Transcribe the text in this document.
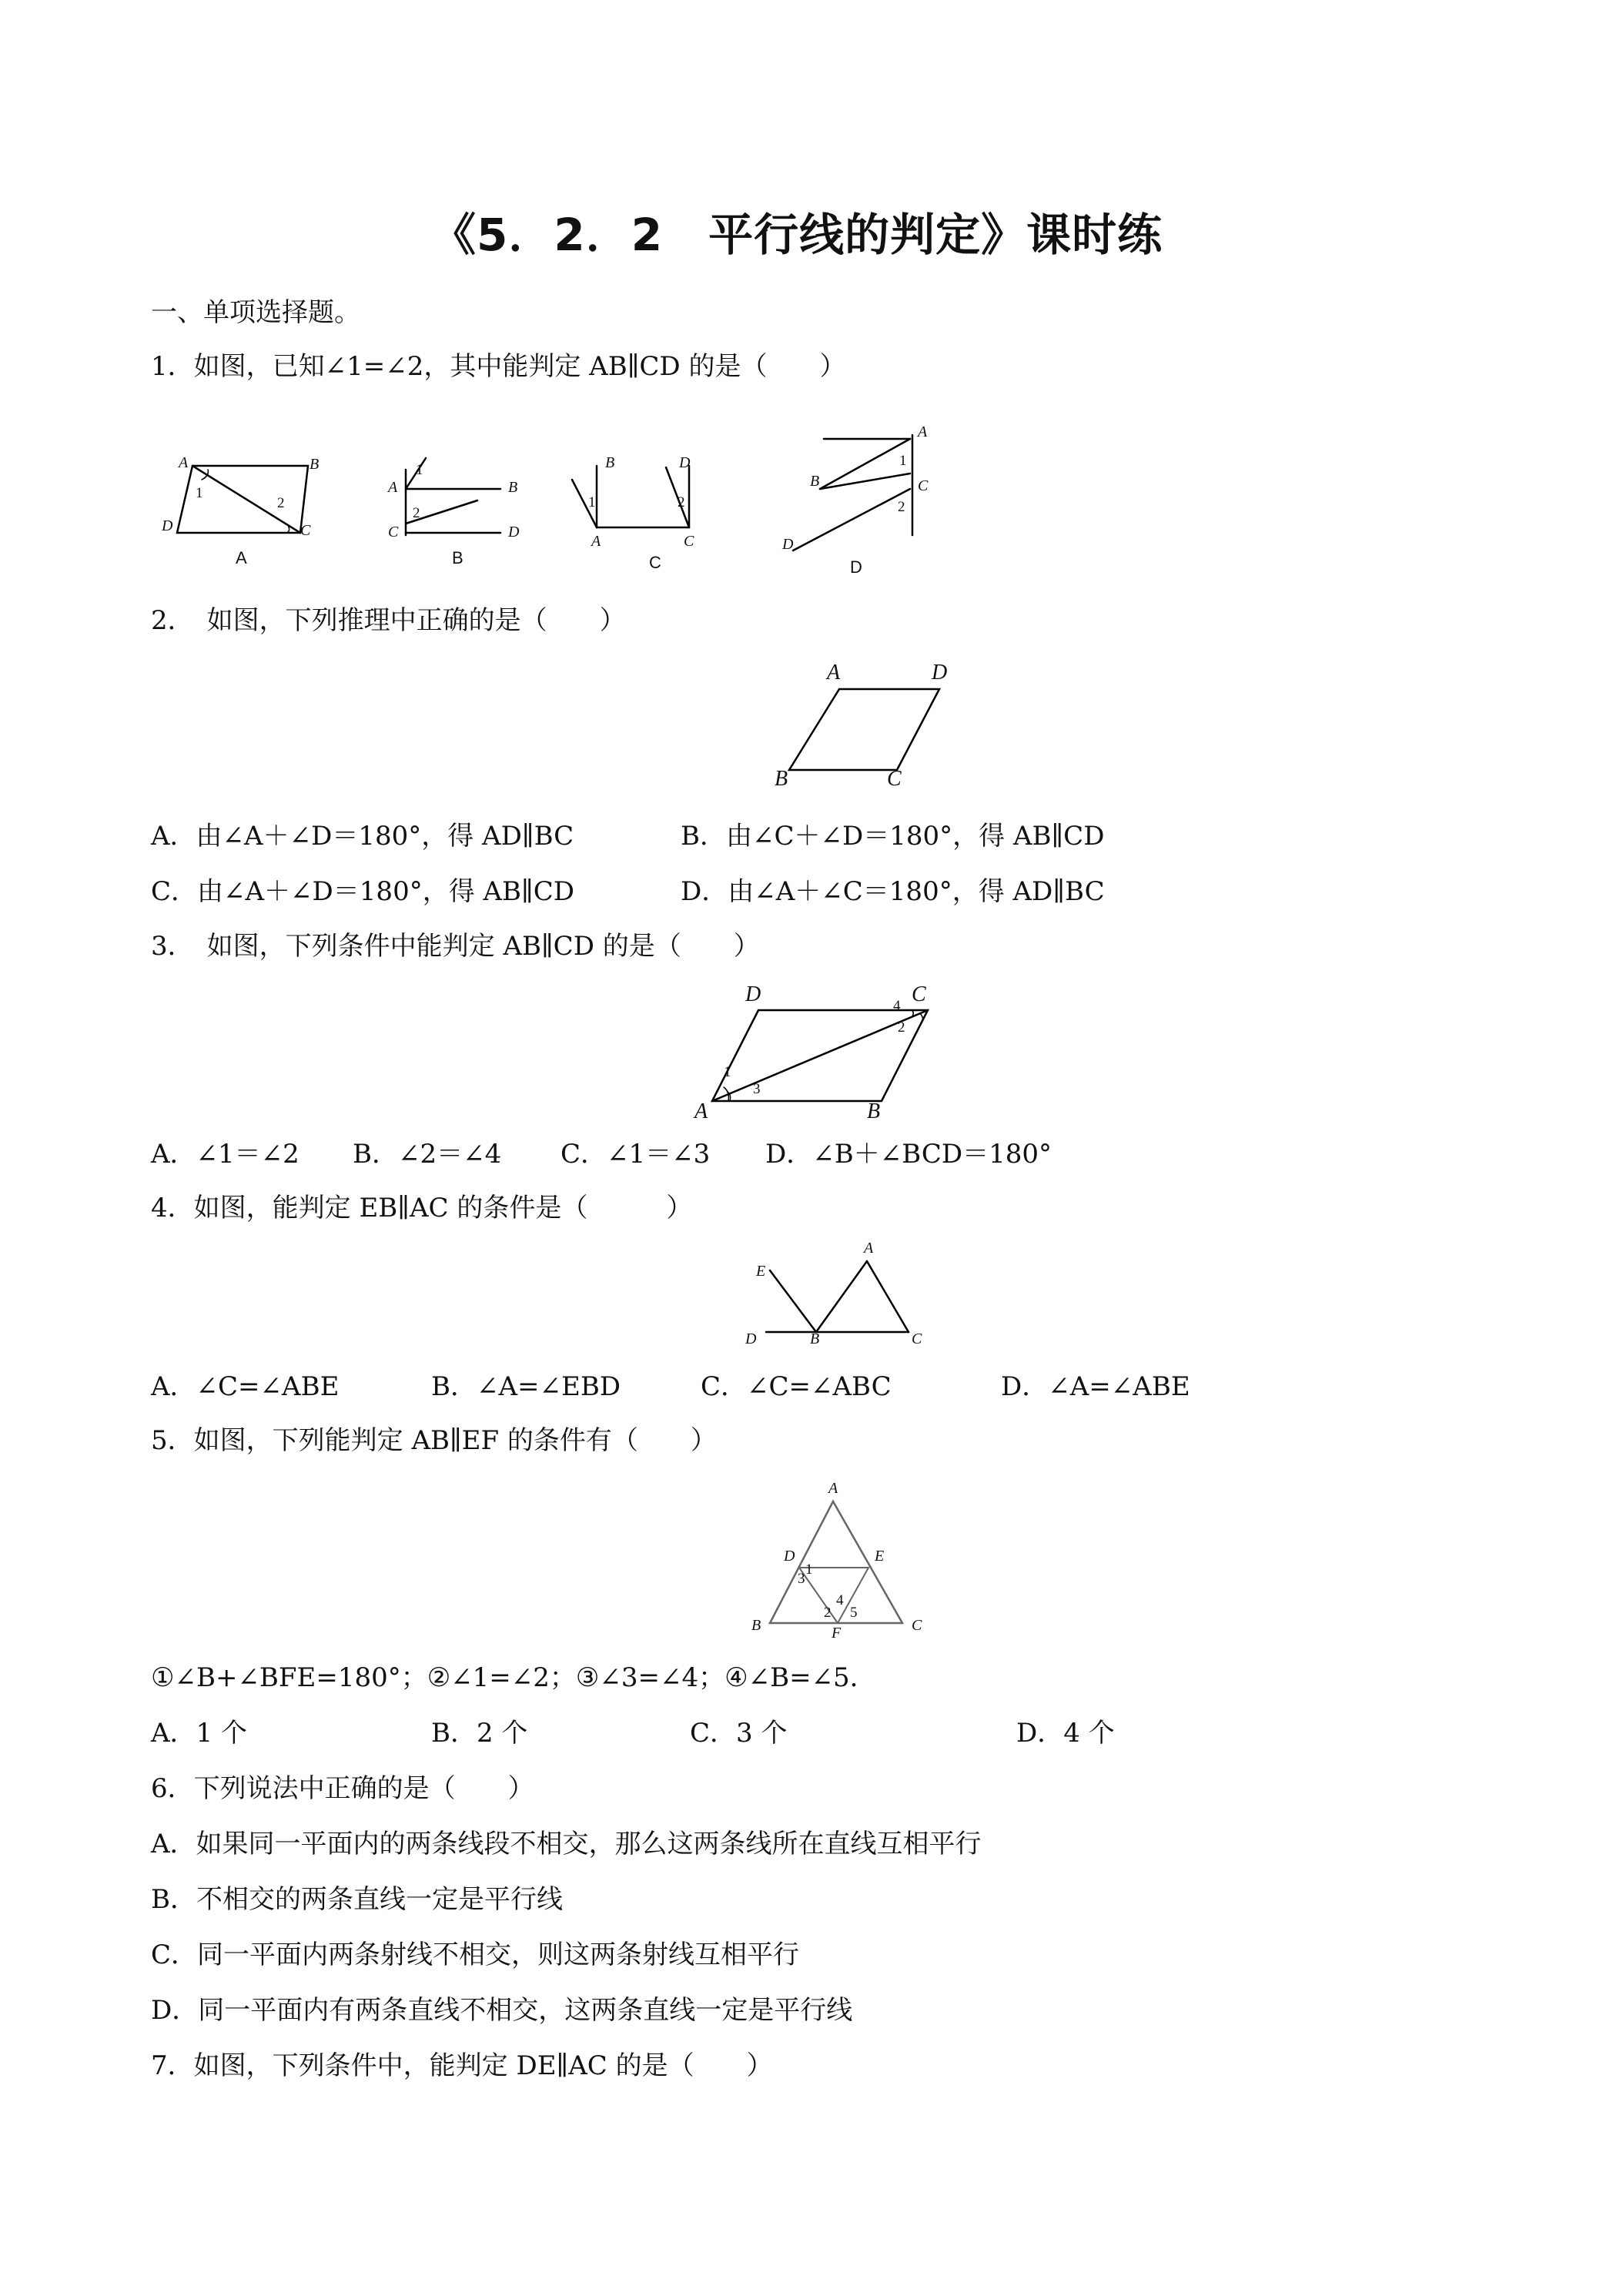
《5．2．2　平行线的判定》课时练
一、单项选择题。
1．如图，已知∠1=∠2，其中能判定 AB∥CD 的是（　　）
A	B
C
D
1
2
A
A	B
C	D
1
2
B
B	D
A	C
1	2
C
A
B	C
D
1
2
D
2．　如图，下列推理中正确的是（　　）
A	D
B	C
A．由∠A＋∠D＝180°，得 AD∥BC	B．由∠C＋∠D＝180°，得 AB∥CD
C．由∠A＋∠D＝180°，得 AB∥CD	D．由∠A＋∠C＝180°，得 AD∥BC
3．　如图，下列条件中能判定 AB∥CD 的是（　　）
D	C
A	B
1
2
3
4
A．∠1＝∠2 B．∠2＝∠4 C．∠1＝∠3 D．∠B＋∠BCD＝180°
4．如图，能判定 EB∥AC 的条件是（　　　）
E
A
D	B	C
A．∠C=∠ABE	B．∠A=∠EBD	C．∠C=∠ABC	D．∠A=∠ABE
5．如图，下列能判定 AB∥EF 的条件有（　　）
A
D	E
B	F	C
1
2
3
4
5
①∠B+∠BFE=180°；②∠1=∠2；③∠3=∠4；④∠B=∠5．
A．1 个	B．2 个	C．3 个	D．4 个
6．下列说法中正确的是（　　）
A．如果同一平面内的两条线段不相交，那么这两条线所在直线互相平行
B．不相交的两条直线一定是平行线
C．同一平面内两条射线不相交，则这两条射线互相平行
D．同一平面内有两条直线不相交，这两条直线一定是平行线
7．如图，下列条件中，能判定 DE∥AC 的是（　　）
